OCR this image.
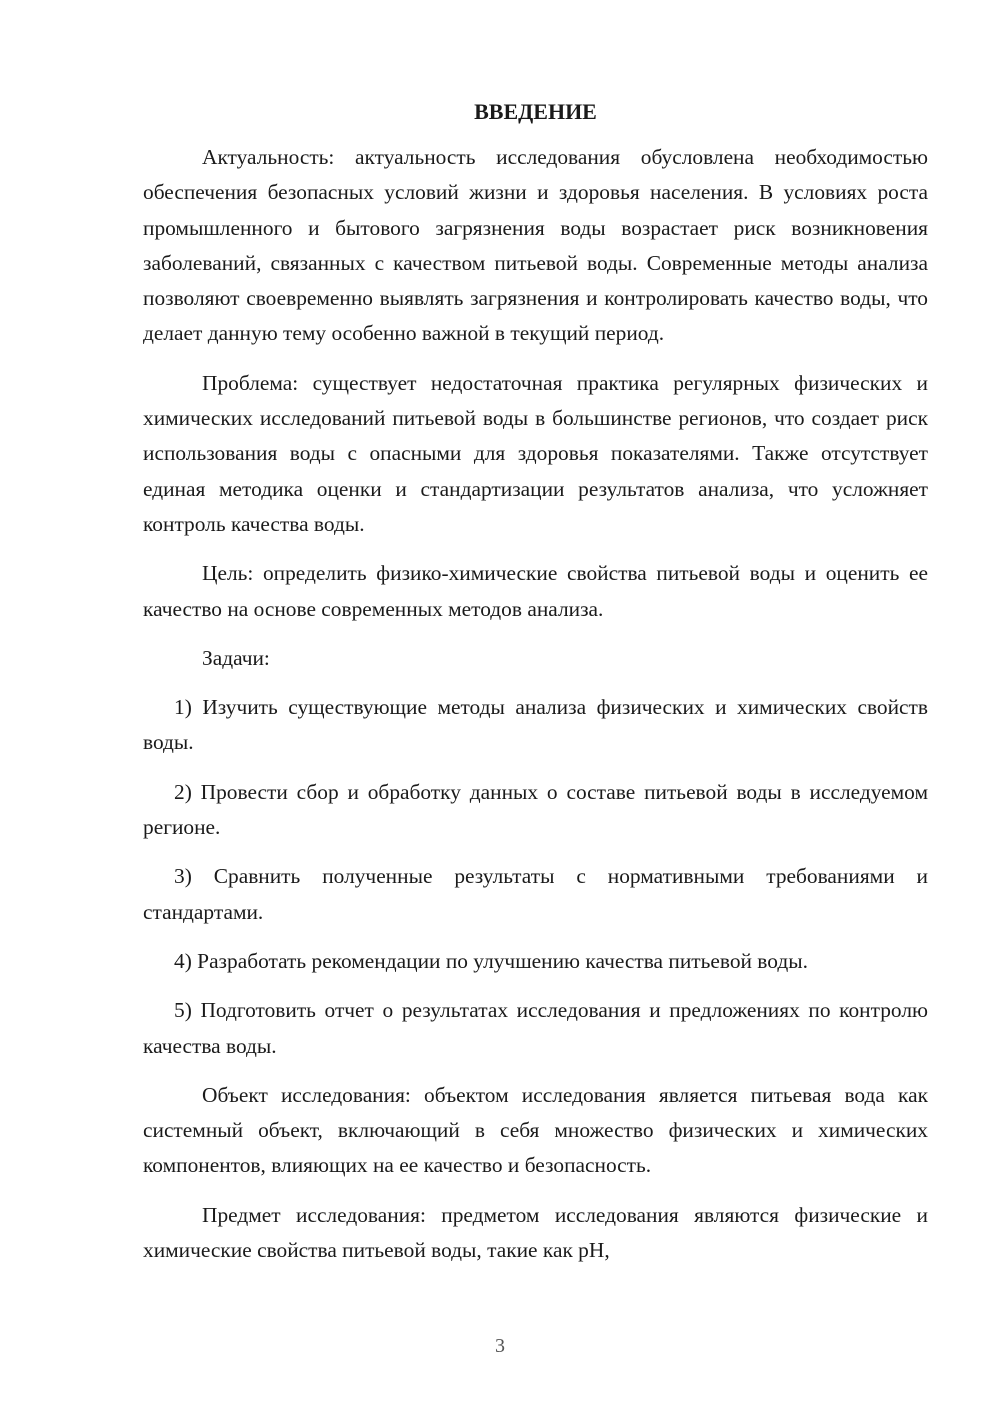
ВВЕДЕНИЕ

Актуальность: актуальность исследования обусловлена необходимостью обеспечения безопасных условий жизни и здоровья населения. В условиях роста промышленного и бытового загрязнения воды возрастает риск возникновения заболеваний, связанных с качеством питьевой воды. Современные методы анализа позволяют своевременно выявлять загрязнения и контролировать качество воды, что делает данную тему особенно важной в текущий период.

Проблема: существует недостаточная практика регулярных физических и химических исследований питьевой воды в большинстве регионов, что создает риск использования воды с опасными для здоровья показателями. Также отсутствует единая методика оценки и стандартизации результатов анализа, что усложняет контроль качества воды.

Цель: определить физико-химические свойства питьевой воды и оценить ее качество на основе современных методов анализа.

Задачи:

1) Изучить существующие методы анализа физических и химических свойств воды.

2) Провести сбор и обработку данных о составе питьевой воды в исследуемом регионе.

3) Сравнить полученные результаты с нормативными требованиями и стандартами.

4) Разработать рекомендации по улучшению качества питьевой воды.

5) Подготовить отчет о результатах исследования и предложениях по контролю качества воды.

Объект исследования: объектом исследования является питьевая вода как системный объект, включающий в себя множество физических и химических компонентов, влияющих на ее качество и безопасность.

Предмет исследования: предметом исследования являются физические и химические свойства питьевой воды, такие как pH,

3
